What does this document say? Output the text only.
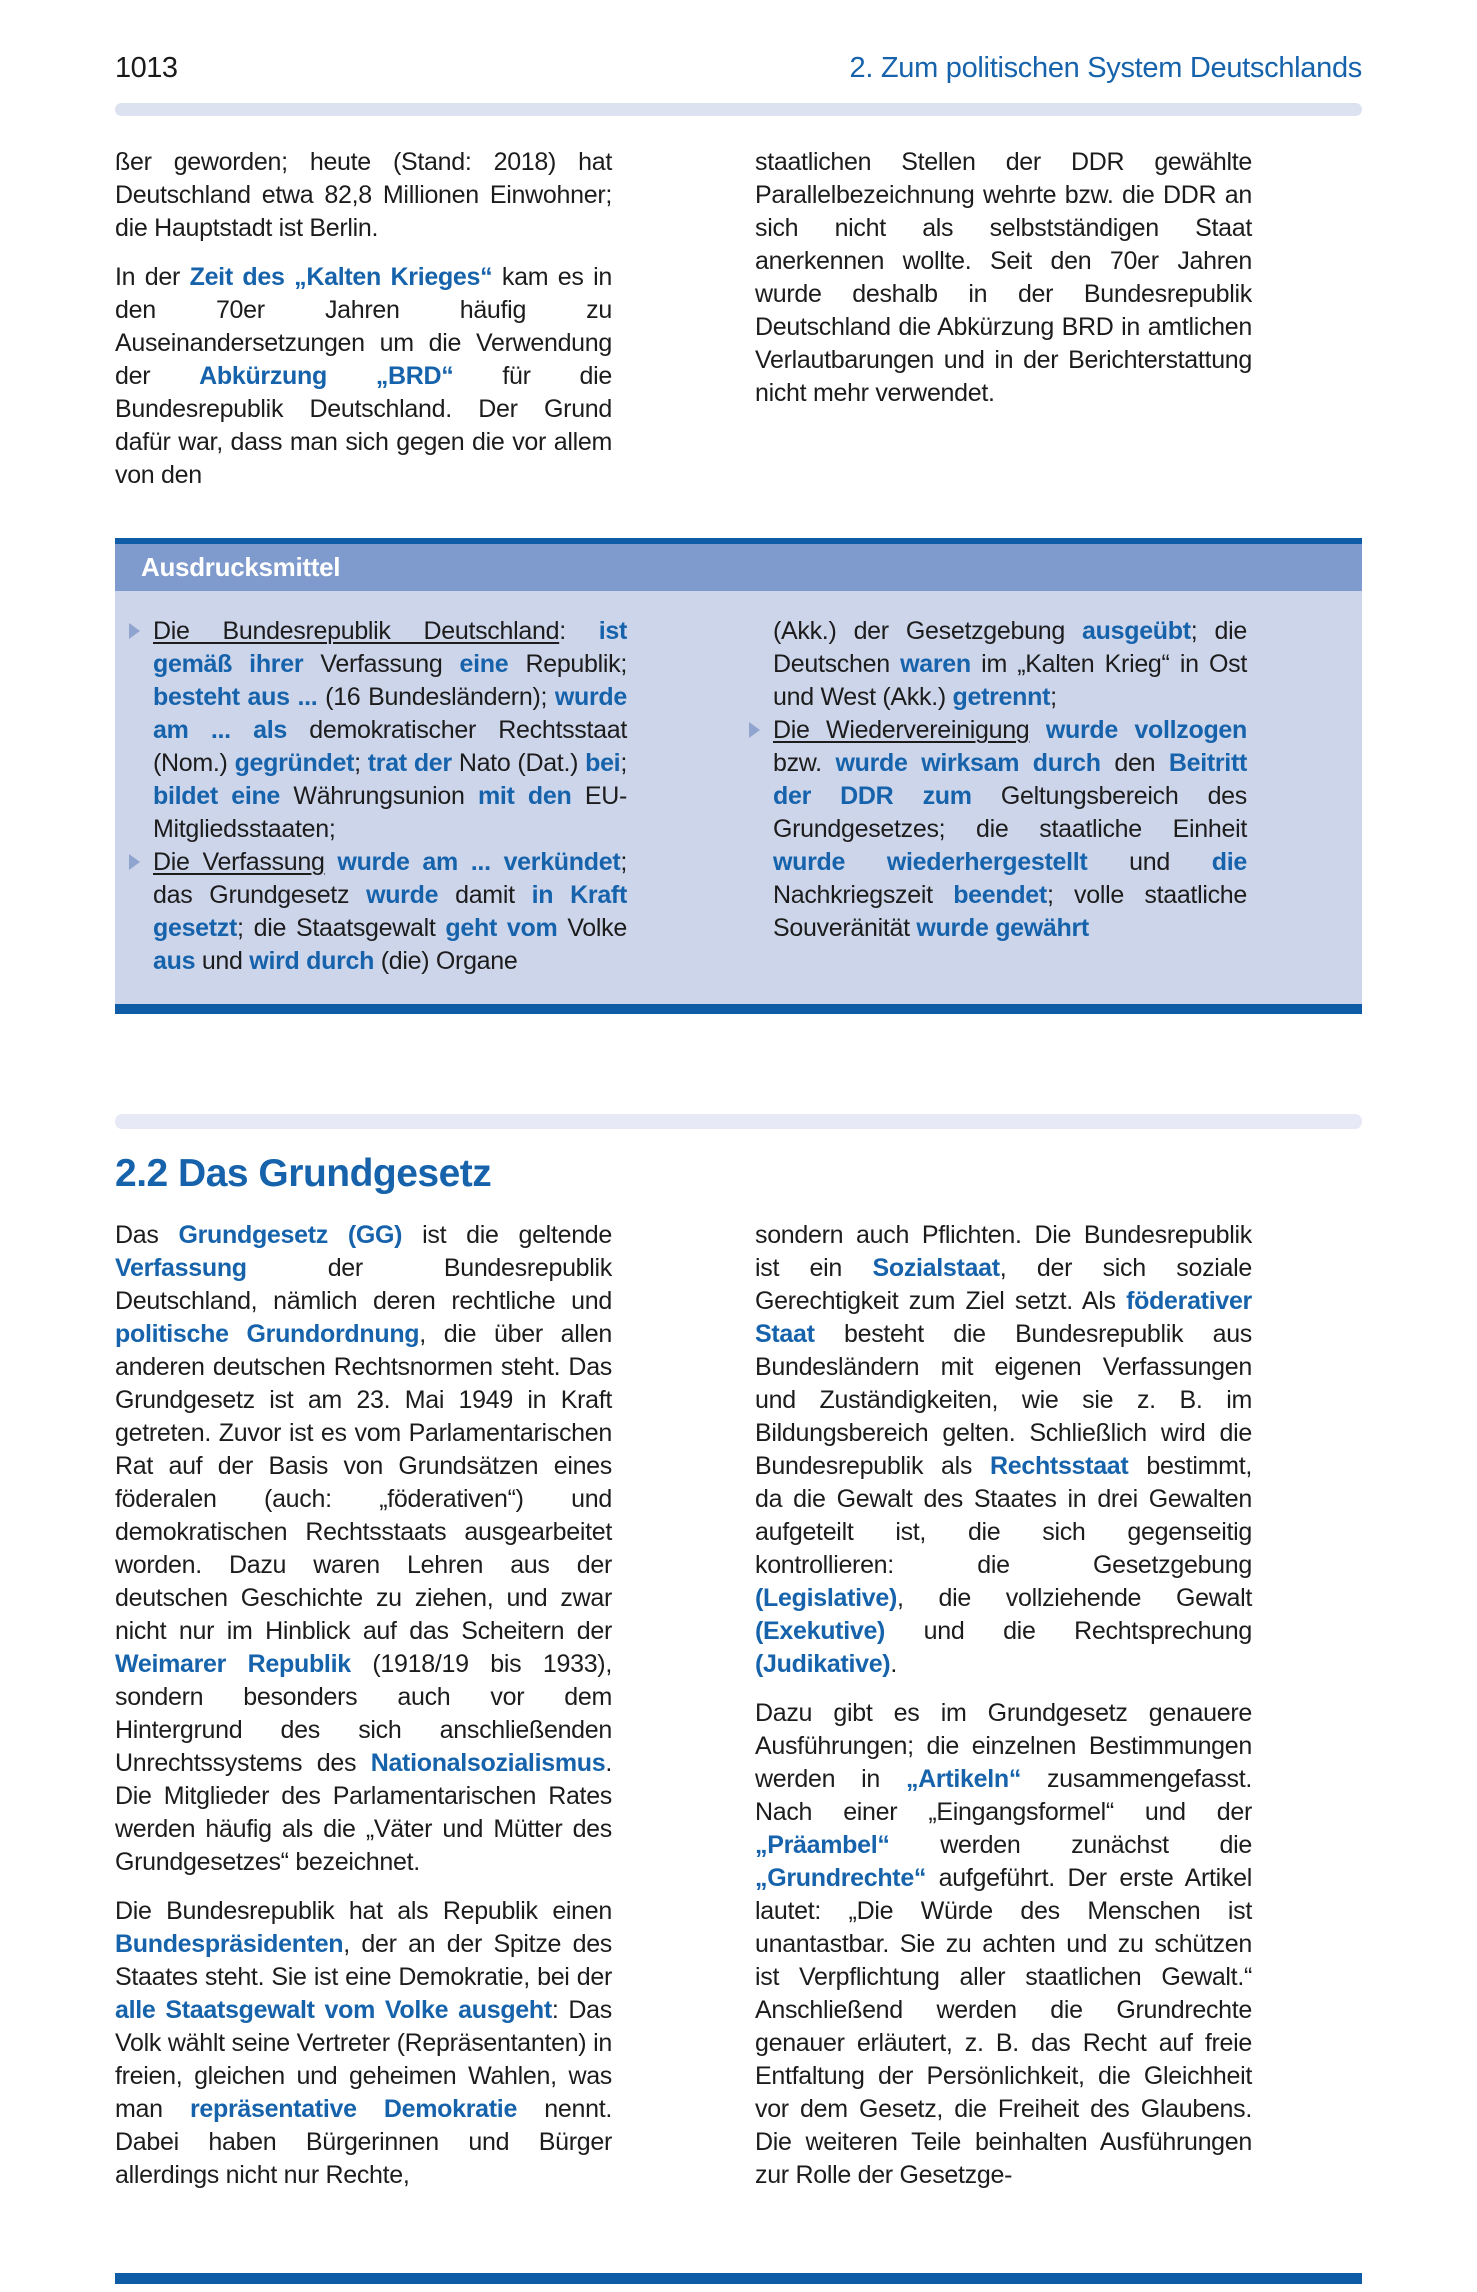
1013	2. Zum politischen System Deutschlands

ßer geworden; heute (Stand: 2018) hat Deutschland etwa 82,8 Millionen Einwohner; die Hauptstadt ist Berlin.

In der Zeit des „Kalten Krieges“ kam es in den 70er Jahren häufig zu Auseinandersetzungen um die Verwendung der Abkürzung „BRD“ für die Bundesrepublik Deutschland. Der Grund dafür war, dass man sich gegen die vor allem von den

staatlichen Stellen der DDR gewählte Parallelbezeichnung wehrte bzw. die DDR an sich nicht als selbstständigen Staat anerkennen wollte. Seit den 70er Jahren wurde deshalb in der Bundesrepublik Deutschland die Abkürzung BRD in amtlichen Verlautbarungen und in der Berichterstattung nicht mehr verwendet.

Ausdrucksmittel
Die Bundesrepublik Deutschland: ist gemäß ihrer Verfassung eine Republik; besteht aus ... (16 Bundesländern); wurde am ... als demokratischer Rechtsstaat (Nom.) gegründet; trat der Nato (Dat.) bei; bildet eine Währungsunion mit den EU-Mitgliedsstaaten;
Die Verfassung wurde am ... verkündet; das Grundgesetz wurde damit in Kraft gesetzt; die Staatsgewalt geht vom Volke aus und wird durch (die) Organe
(Akk.) der Gesetzgebung ausgeübt; die Deutschen waren im „Kalten Krieg“ in Ost und West (Akk.) getrennt;
Die Wiedervereinigung wurde vollzogen bzw. wurde wirksam durch den Beitritt der DDR zum Geltungsbereich des Grundgesetzes; die staatliche Einheit wurde wiederhergestellt und die Nachkriegszeit beendet; volle staatliche Souveränität wurde gewährt
2.2 Das Grundgesetz

Das Grundgesetz (GG) ist die geltende Verfassung der Bundesrepublik Deutschland, nämlich deren rechtliche und politische Grundordnung, die über allen anderen deutschen Rechtsnormen steht. Das Grundgesetz ist am 23. Mai 1949 in Kraft getreten. Zuvor ist es vom Parlamentarischen Rat auf der Basis von Grundsätzen eines föderalen (auch: „föderativen“) und demokratischen Rechtsstaats ausgearbeitet worden. Dazu waren Lehren aus der deutschen Geschichte zu ziehen, und zwar nicht nur im Hinblick auf das Scheitern der Weimarer Republik (1918/19 bis 1933), sondern besonders auch vor dem Hintergrund des sich anschließenden Unrechtssystems des Nationalsozialismus. Die Mitglieder des Parlamentarischen Rates werden häufig als die „Väter und Mütter des Grundgesetzes“ bezeichnet.

Die Bundesrepublik hat als Republik einen Bundespräsidenten, der an der Spitze des Staates steht. Sie ist eine Demokratie, bei der alle Staatsgewalt vom Volke ausgeht: Das Volk wählt seine Vertreter (Repräsentanten) in freien, gleichen und geheimen Wahlen, was man repräsentative Demokratie nennt. Dabei haben Bürgerinnen und Bürger allerdings nicht nur Rechte,

sondern auch Pflichten. Die Bundesrepublik ist ein Sozialstaat, der sich soziale Gerechtigkeit zum Ziel setzt. Als föderativer Staat besteht die Bundesrepublik aus Bundesländern mit eigenen Verfassungen und Zuständigkeiten, wie sie z. B. im Bildungsbereich gelten. Schließlich wird die Bundesrepublik als Rechtsstaat bestimmt, da die Gewalt des Staates in drei Gewalten aufgeteilt ist, die sich gegenseitig kontrollieren: die Gesetzgebung (Legislative), die vollziehende Gewalt (Exekutive) und die Rechtsprechung (Judikative).

Dazu gibt es im Grundgesetz genauere Ausführungen; die einzelnen Bestimmungen werden in „Artikeln“ zusammengefasst. Nach einer „Eingangsformel“ und der „Präambel“ werden zunächst die „Grundrechte“ aufgeführt. Der erste Artikel lautet: „Die Würde des Menschen ist unantastbar. Sie zu achten und zu schützen ist Verpflichtung aller staatlichen Gewalt.“ Anschließend werden die Grundrechte genauer erläutert, z. B. das Recht auf freie Entfaltung der Persönlichkeit, die Gleichheit vor dem Gesetz, die Freiheit des Glaubens. Die weiteren Teile beinhalten Ausführungen zur Rolle der Gesetzge-
